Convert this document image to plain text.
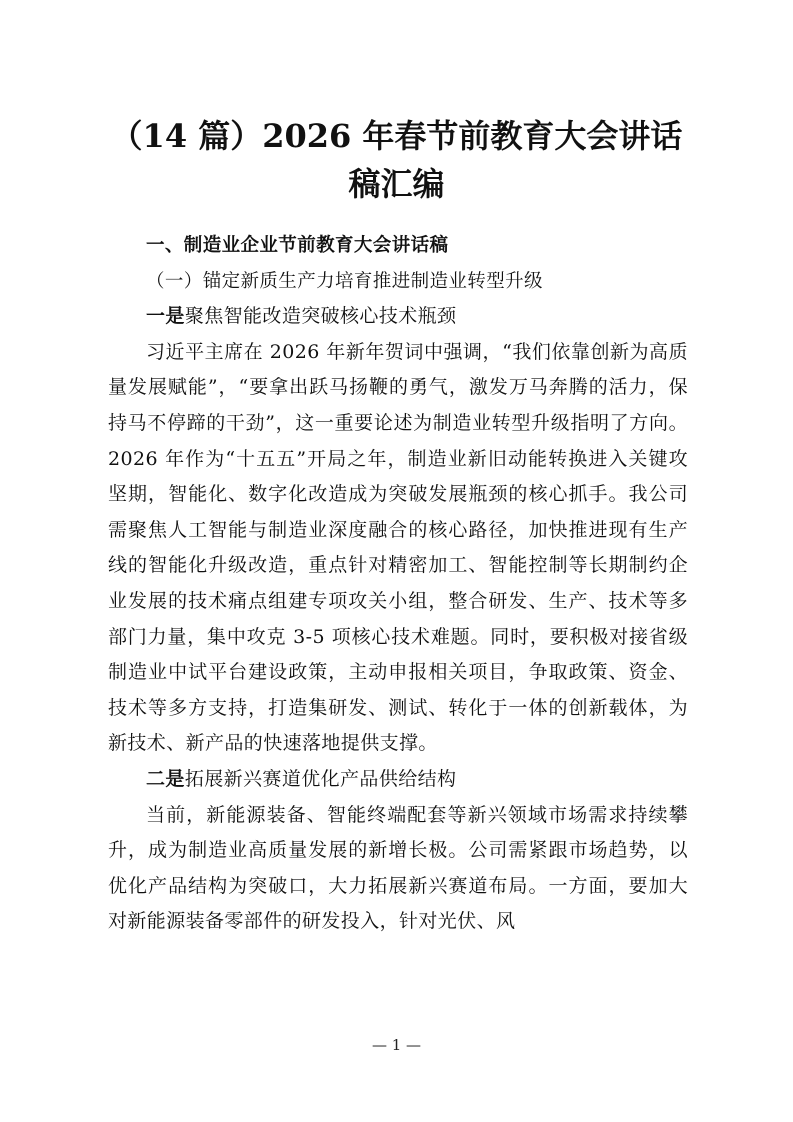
（14 篇）2026 年春节前教育大会讲话稿汇编

一、制造业企业节前教育大会讲话稿

（一）锚定新质生产力培育推进制造业转型升级

一是聚焦智能改造突破核心技术瓶颈

习近平主席在 2026 年新年贺词中强调，“我们依靠创新为高质量发展赋能”，“要拿出跃马扬鞭的勇气，激发万马奔腾的活力，保持马不停蹄的干劲”，这一重要论述为制造业转型升级指明了方向。2026 年作为“十五五”开局之年，制造业新旧动能转换进入关键攻坚期，智能化、数字化改造成为突破发展瓶颈的核心抓手。我公司需聚焦人工智能与制造业深度融合的核心路径，加快推进现有生产线的智能化升级改造，重点针对精密加工、智能控制等长期制约企业发展的技术痛点组建专项攻关小组，整合研发、生产、技术等多部门力量，集中攻克 3-5 项核心技术难题。同时，要积极对接省级制造业中试平台建设政策，主动申报相关项目，争取政策、资金、技术等多方支持，打造集研发、测试、转化于一体的创新载体，为新技术、新产品的快速落地提供支撑。

二是拓展新兴赛道优化产品供给结构

当前，新能源装备、智能终端配套等新兴领域市场需求持续攀升，成为制造业高质量发展的新增长极。公司需紧跟市场趋势，以优化产品结构为突破口，大力拓展新兴赛道布局。一方面，要加大对新能源装备零部件的研发投入，针对光伏、风

— 1 —
